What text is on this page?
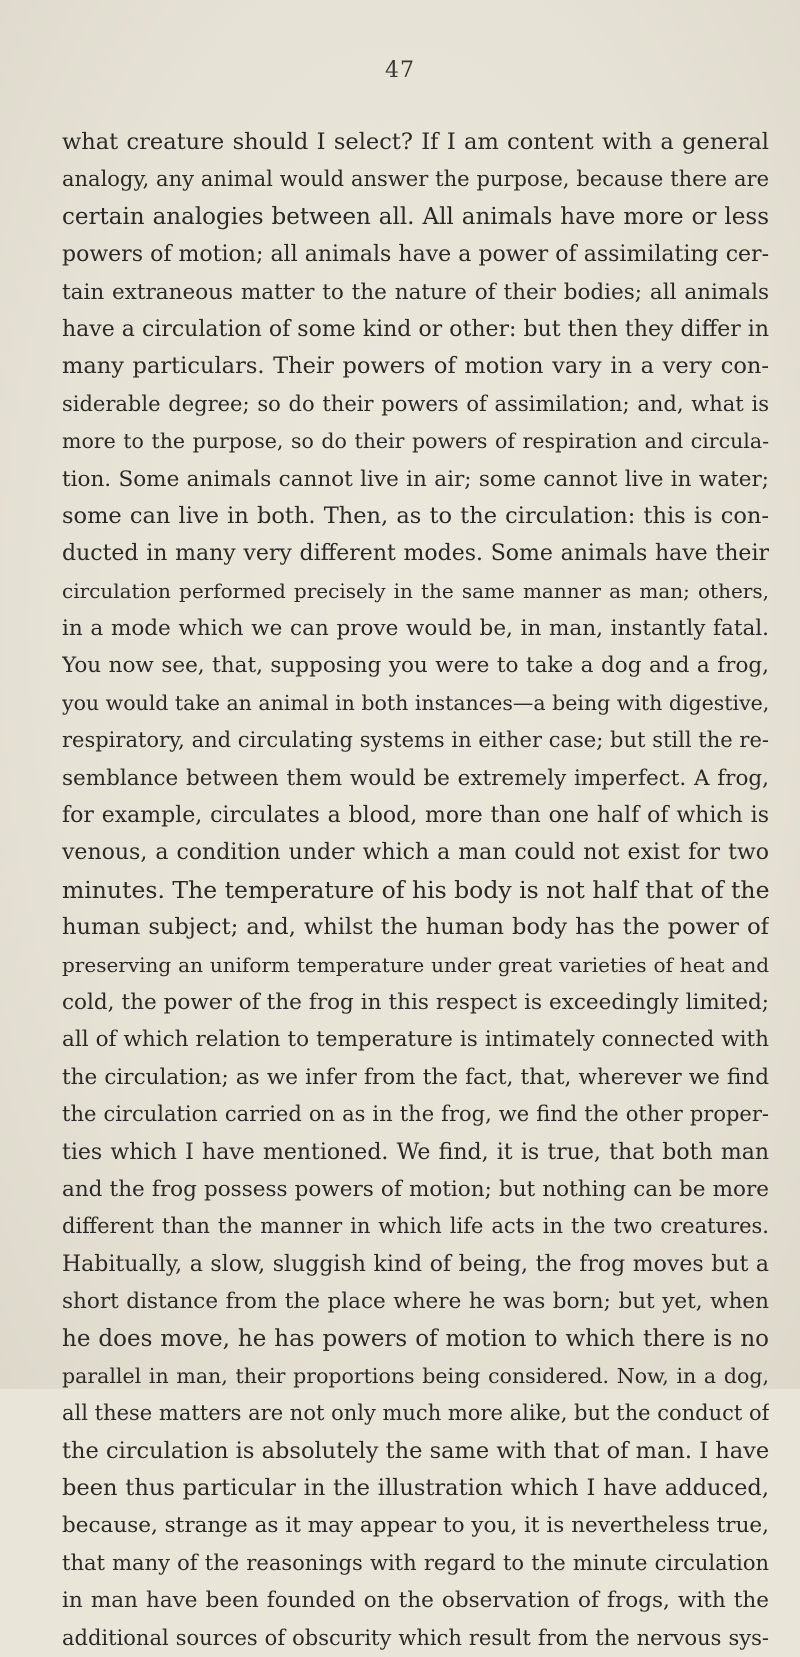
47
what creature should I select? If I am content with a general
analogy, any animal would answer the purpose, because there are
certain analogies between all. All animals have more or less
powers of motion; all animals have a power of assimilating cer-
tain extraneous matter to the nature of their bodies; all animals
have a circulation of some kind or other: but then they differ in
many particulars. Their powers of motion vary in a very con-
siderable degree; so do their powers of assimilation; and, what is
more to the purpose, so do their powers of respiration and circula-
tion. Some animals cannot live in air; some cannot live in water;
some can live in both. Then, as to the circulation: this is con-
ducted in many very different modes. Some animals have their
circulation performed precisely in the same manner as man; others,
in a mode which we can prove would be, in man, instantly fatal.
You now see, that, supposing you were to take a dog and a frog,
you would take an animal in both instances—a being with digestive,
respiratory, and circulating systems in either case; but still the re-
semblance between them would be extremely imperfect. A frog,
for example, circulates a blood, more than one half of which is
venous, a condition under which a man could not exist for two
minutes. The temperature of his body is not half that of the
human subject; and, whilst the human body has the power of
preserving an uniform temperature under great varieties of heat and
cold, the power of the frog in this respect is exceedingly limited;
all of which relation to temperature is intimately connected with
the circulation; as we infer from the fact, that, wherever we find
the circulation carried on as in the frog, we find the other proper-
ties which I have mentioned. We find, it is true, that both man
and the frog possess powers of motion; but nothing can be more
different than the manner in which life acts in the two creatures.
Habitually, a slow, sluggish kind of being, the frog moves but a
short distance from the place where he was born; but yet, when
he does move, he has powers of motion to which there is no
parallel in man, their proportions being considered. Now, in a dog,
all these matters are not only much more alike, but the conduct of
the circulation is absolutely the same with that of man. I have
been thus particular in the illustration which I have adduced,
because, strange as it may appear to you, it is nevertheless true,
that many of the reasonings with regard to the minute circulation
in man have been founded on the observation of frogs, with the
additional sources of obscurity which result from the nervous sys-
